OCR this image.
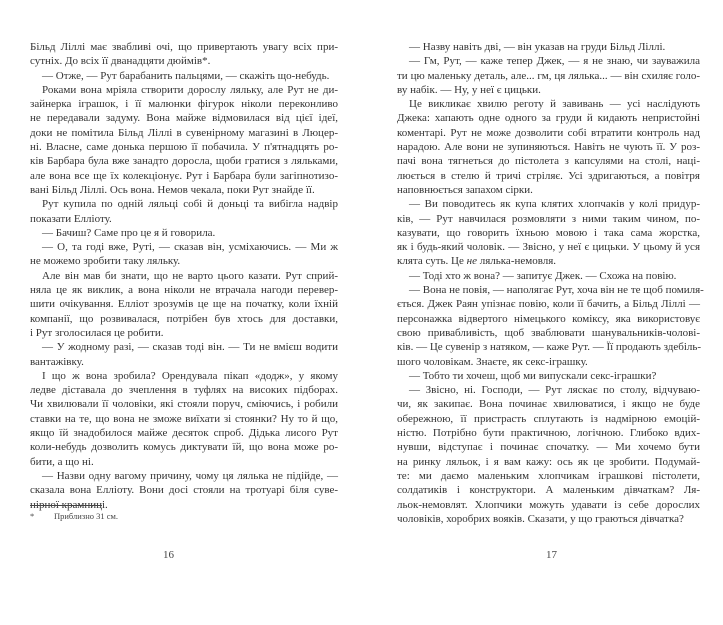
Більд Ліллі має звабливі очі, що привертають увагу всіх при-
сутніх. До всіх її дванадцяти дюймів*.
— Отже, — Рут барабанить пальцями, — скажіть що-небудь.
Роками вона мріяла створити дорослу ляльку, але Рут не ди-
зайнерка іграшок, і її малюнки фігурок ніколи переконливо
не передавали задуму. Вона майже відмовилася від цієї ідеї,
доки не помітила Більд Ліллі в сувенірному магазині в Люцер-
ні. Власне, саме донька першою її побачила. У п'ятнадцять ро-
ків Барбара була вже занадто доросла, щоби гратися з ляльками,
але вона все ще їх колекціонує. Рут і Барбара були загіпнотизо-
вані Більд Ліллі. Ось вона. Немов чекала, поки Рут знайде її.
Рут купила по одній ляльці собі й доньці та вибігла надвір
показати Елліоту.
— Бачиш? Саме про це я й говорила.
— О, та годі вже, Руті, — сказав він, усміхаючись. — Ми ж
не можемо зробити таку ляльку.
Але він мав би знати, що не варто цього казати. Рут сприй-
няла це як виклик, а вона ніколи не втрачала нагоди перевер-
шити очікування. Елліот зрозумів це ще на початку, коли їхній
компанії, що розвивалася, потрібен був хтось для доставки,
і Рут зголосилася це робити.
— У жодному разі, — сказав тоді він. — Ти не вмієш водити
вантажівку.
І що ж вона зробила? Орендувала пікап «додж», у якому
ледве діставала до зчеплення в туфлях на високих підборах.
Чи хвилювали її чоловіки, які стояли поруч, сміючись, і робили
ставки на те, що вона не зможе виїхати зі стоянки? Ну то й що,
якщо їй знадобилося майже десяток спроб. Дідька лисого Рут
коли-небудь дозволить комусь диктувати їй, що вона може ро-
бити, а що ні.
— Назви одну вагому причину, чому ця лялька не підійде, —
сказала вона Елліоту. Вони досі стояли на тротуарі біля суве-
нірної крамниці.
— Назву навіть дві, — він указав на груди Більд Ліллі.
— Гм, Рут, — каже тепер Джек, — я не знаю, чи зауважила
ти цю маленьку деталь, але... гм, ця лялька... — він схиляє голо-
ву набік. — Ну, у неї є цицьки.
Це викликає хвилю реготу й завивань — усі наслідують
Джека: хапають одне одного за груди й кидають непристойні
коментарі. Рут не може дозволити собі втратити контроль над
нарадою. Але вони не зупиняються. Навіть не чують її. У роз-
пачі вона тягнеться до пістолета з капсулями на столі, наці-
люється в стелю й тричі стріляє. Усі здригаються, а повітря
наповнюється запахом сірки.
— Ви поводитесь як купа клятих хлопчаків у колі придур-
ків, — Рут навчилася розмовляти з ними таким чином, по-
казувати, що говорить їхньою мовою і така сама жорстка,
як і будь-який чоловік. — Звісно, у неї є цицьки. У цьому й уся
клята суть. Це не лялька-немовля.
— Тоді хто ж вона? — запитує Джек. — Схожа на повію.
— Вона не повія, — наполягає Рут, хоча він не те щоб помиля-
ється. Джек Раян упізнає повію, коли її бачить, а Більд Ліллі —
персонажка відвертого німецького коміксу, яка використовує
свою привабливість, щоб зваблювати шанувальників-чолові-
ків. — Це сувенір з натяком, — каже Рут. — Її продають здебіль-
шого чоловікам. Знаєте, як секс-іграшку.
— Тобто ти хочеш, щоб ми випускали секс-іграшки?
— Звісно, ні. Господи, — Рут ляскає по столу, відчуваю-
чи, як закипає. Вона починає хвилюватися, і якщо не буде
обережною, її пристрасть сплутають із надмірною емоцій-
ністю. Потрібно бути практичною, логічною. Глибоко вдих-
нувши, відступає і починає спочатку. — Ми хочемо бути
на ринку ляльок, і я вам кажу: ось як це зробити. Подумай-
те: ми даємо маленьким хлопчикам іграшкові пістолети,
солдатиків і конструктори. А маленьким дівчаткам? Ля-
льок-немовлят. Хлопчики можуть удавати із себе дорослих
чоловіків, хоробрих вояків. Сказати, у що граються дівчатка?
* Приблизно 31 см.
16	17
